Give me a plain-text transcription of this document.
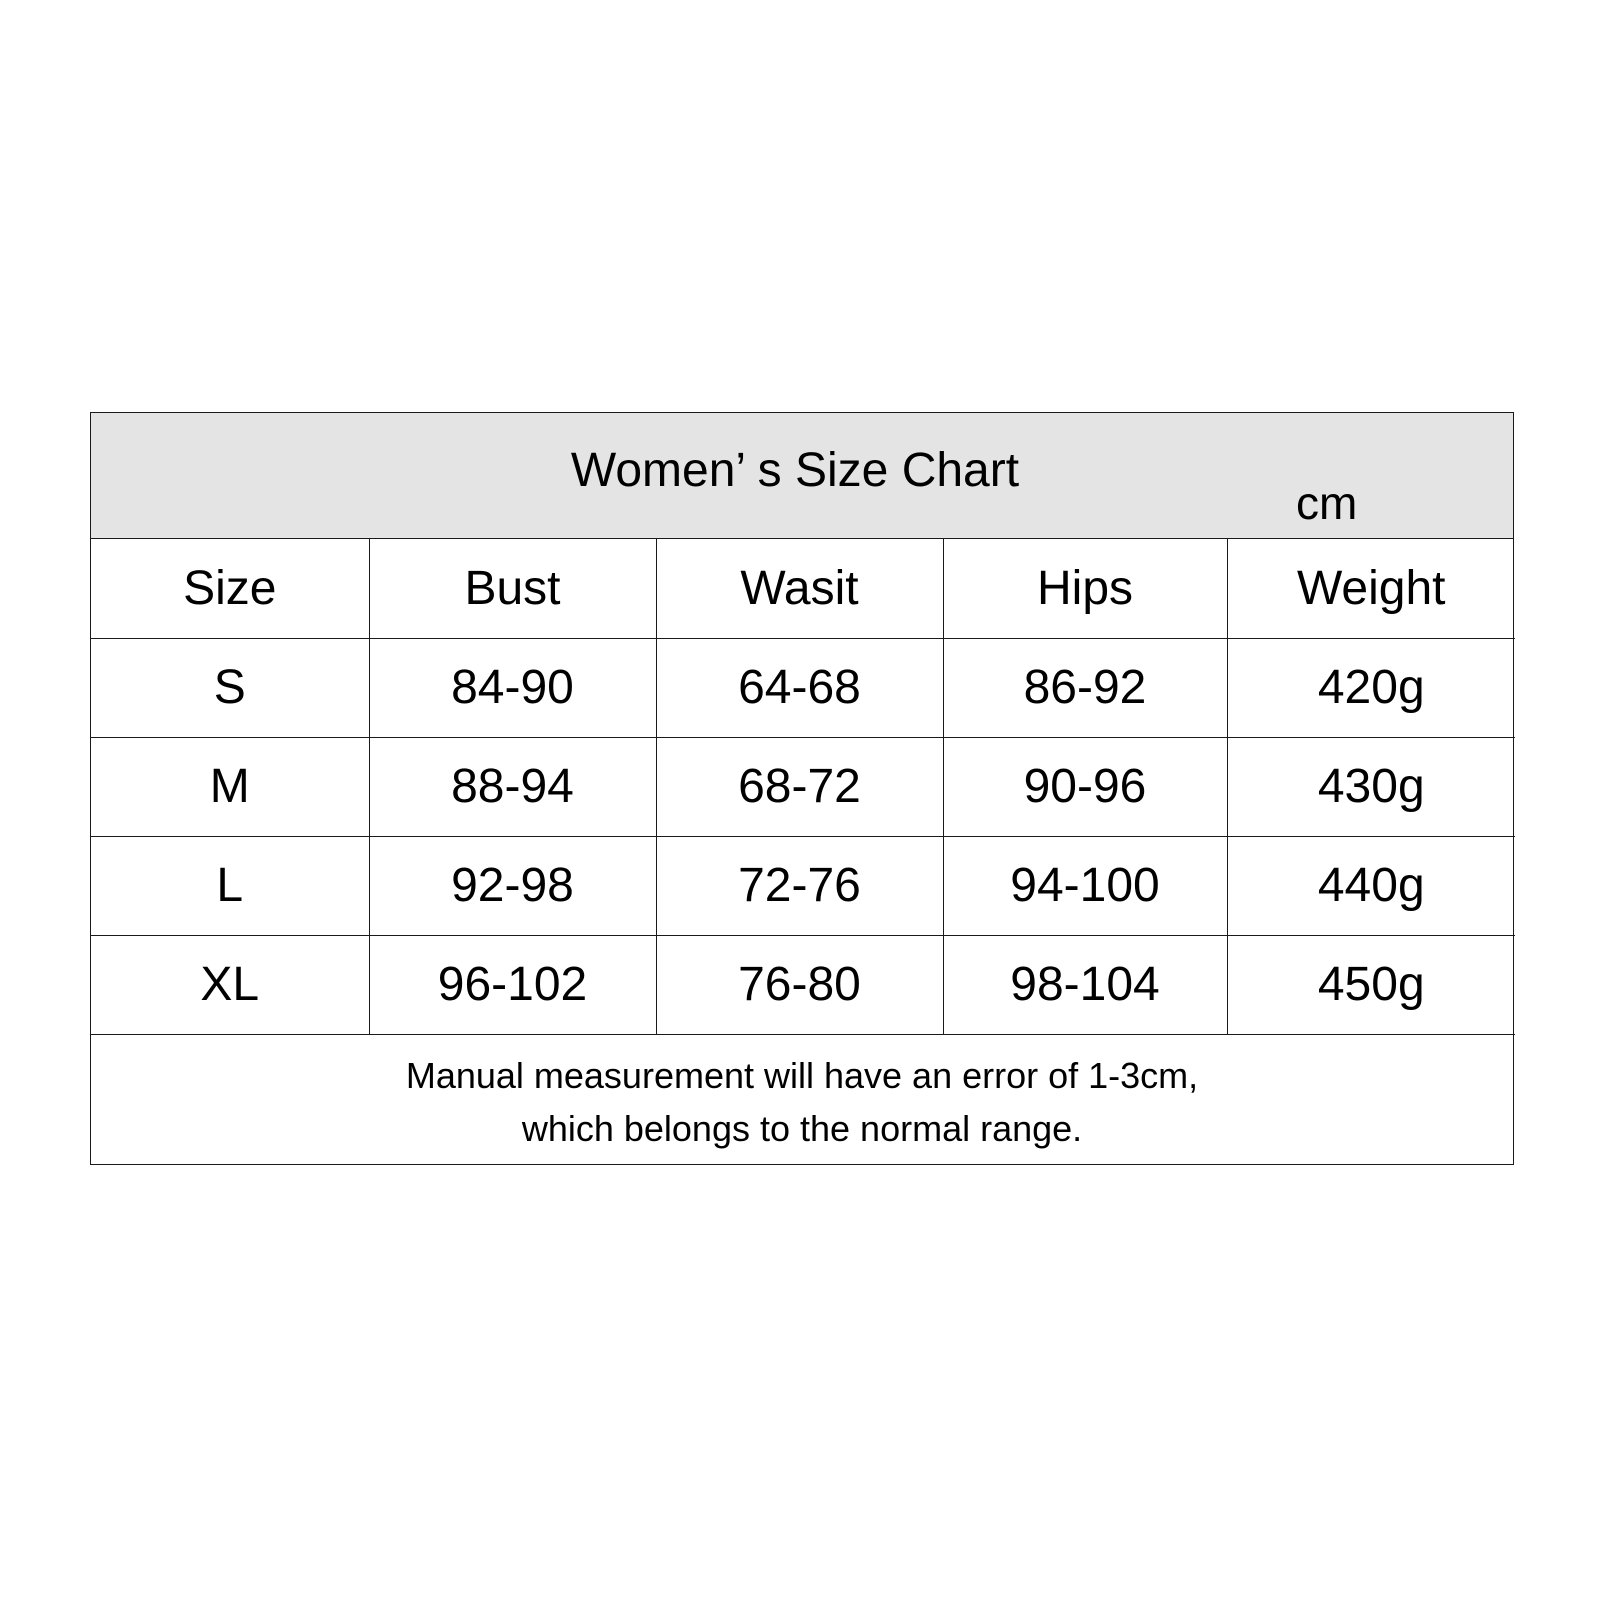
Women’ s Size Chart
cm
Size	Bust	Wasit	Hips	Weight
S	84-90	64-68	86-92	420g
M	88-94	68-72	90-96	430g
L	92-98	72-76	94-100	440g
XL	96-102	76-80	98-104	450g
Manual measurement will have an error of 1-3cm,
which belongs to the normal range.
